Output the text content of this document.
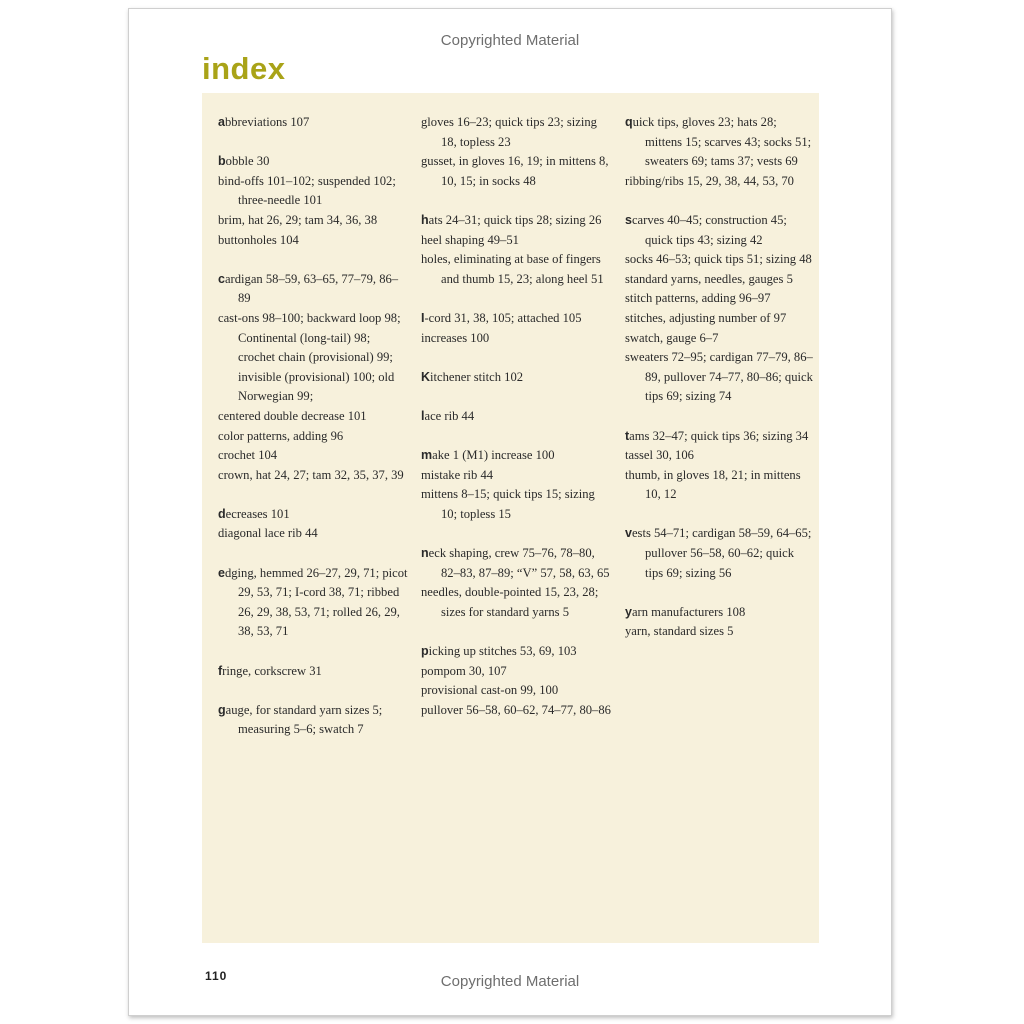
Copyrighted Material
index
abbreviations 107
bobble 30
bind-offs 101–102; suspended 102; three-needle 101
brim, hat 26, 29; tam 34, 36, 38
buttonholes 104
cardigan 58–59, 63–65, 77–79, 86–89
cast-ons 98–100; backward loop 98; Continental (long-tail) 98; crochet chain (provisional) 99; invisible (provisional) 100; old Norwegian 99;
centered double decrease 101
color patterns, adding 96
crochet 104
crown, hat 24, 27; tam 32, 35, 37, 39
decreases 101
diagonal lace rib 44
edging, hemmed 26–27, 29, 71; picot 29, 53, 71; I-cord 38, 71; ribbed 26, 29, 38, 53, 71; rolled 26, 29, 38, 53, 71
fringe, corkscrew 31
gauge, for standard yarn sizes 5; measuring 5–6; swatch 7
gloves 16–23; quick tips 23; sizing 18, topless 23
gusset, in gloves 16, 19; in mittens 8, 10, 15; in socks 48
hats 24–31; quick tips 28; sizing 26
heel shaping 49–51
holes, eliminating at base of fingers and thumb 15, 23; along heel 51
I-cord 31, 38, 105; attached 105
increases 100
Kitchener stitch 102
lace rib 44
make 1 (M1) increase 100
mistake rib 44
mittens 8–15; quick tips 15; sizing 10; topless 15
neck shaping, crew 75–76, 78–80, 82–83, 87–89; “V” 57, 58, 63, 65
needles, double-pointed 15, 23, 28; sizes for standard yarns 5
picking up stitches 53, 69, 103
pompom 30, 107
provisional cast-on 99, 100
pullover 56–58, 60–62, 74–77, 80–86
quick tips, gloves 23; hats 28; mittens 15; scarves 43; socks 51; sweaters 69; tams 37; vests 69
ribbing/ribs 15, 29, 38, 44, 53, 70
scarves 40–45; construction 45; quick tips 43; sizing 42
socks 46–53; quick tips 51; sizing 48
standard yarns, needles, gauges 5
stitch patterns, adding 96–97
stitches, adjusting number of 97
swatch, gauge 6–7
sweaters 72–95; cardigan 77–79, 86–89, pullover 74–77, 80–86; quick tips 69; sizing 74
tams 32–47; quick tips 36; sizing 34
tassel 30, 106
thumb, in gloves 18, 21; in mittens 10, 12
vests 54–71; cardigan 58–59, 64–65; pullover 56–58, 60–62; quick tips 69; sizing 56
yarn manufacturers 108
yarn, standard sizes 5
110	Copyrighted Material
